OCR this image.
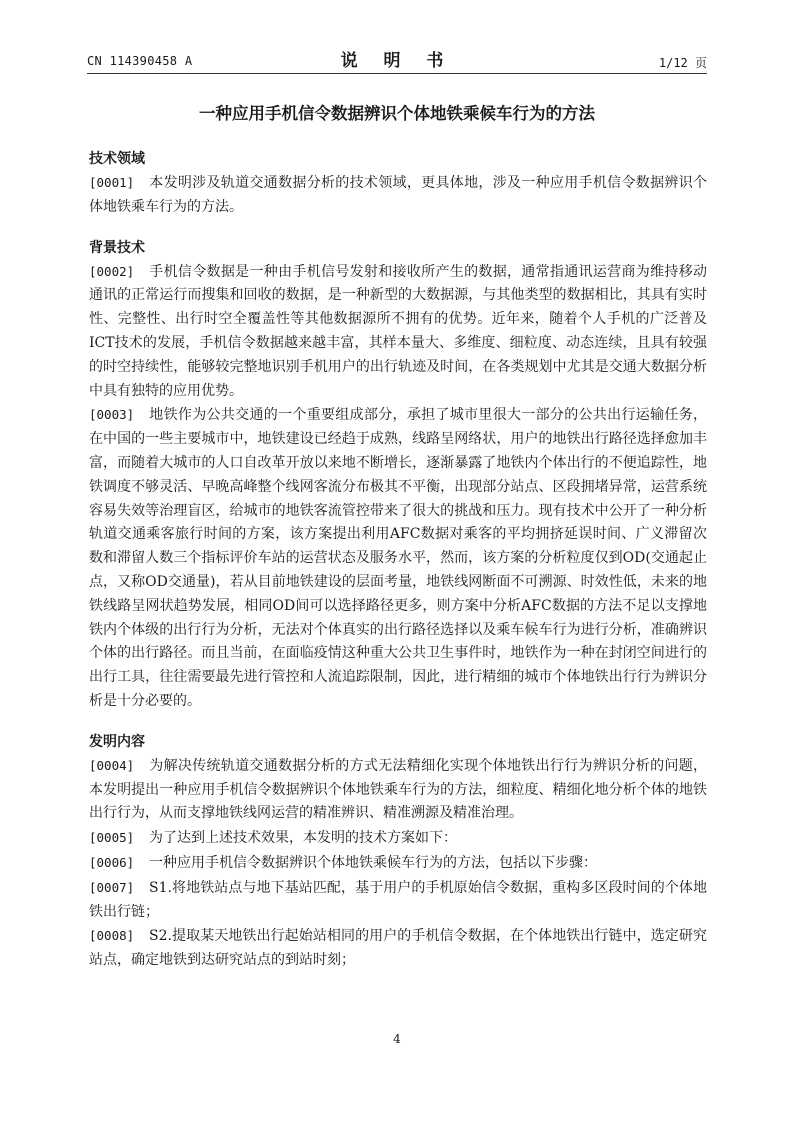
CN 114390458 A	说 明 书	1/12 页
一种应用手机信令数据辨识个体地铁乘候车行为的方法
技术领域

[0001] 本发明涉及轨道交通数据分析的技术领域，更具体地，涉及一种应用手机信令数据辨识个体地铁乘车行为的方法。

背景技术

[0002] 手机信令数据是一种由手机信号发射和接收所产生的数据，通常指通讯运营商为维持移动通讯的正常运行而搜集和回收的数据，是一种新型的大数据源，与其他类型的数据相比，其具有实时性、完整性、出行时空全覆盖性等其他数据源所不拥有的优势。近年来，随着个人手机的广泛普及ICT技术的发展，手机信令数据越来越丰富，其样本量大、多维度、细粒度、动态连续，且具有较强的时空持续性，能够较完整地识别手机用户的出行轨迹及时间，在各类规划中尤其是交通大数据分析中具有独特的应用优势。

[0003] 地铁作为公共交通的一个重要组成部分，承担了城市里很大一部分的公共出行运输任务，在中国的一些主要城市中，地铁建设已经趋于成熟，线路呈网络状，用户的地铁出行路径选择愈加丰富，而随着大城市的人口自改革开放以来地不断增长，逐渐暴露了地铁内个体出行的不便追踪性，地铁调度不够灵活、早晚高峰整个线网客流分布极其不平衡，出现部分站点、区段拥堵异常，运营系统容易失效等治理盲区，给城市的地铁客流管控带来了很大的挑战和压力。现有技术中公开了一种分析轨道交通乘客旅行时间的方案，该方案提出利用AFC数据对乘客的平均拥挤延误时间、广义滞留次数和滞留人数三个指标评价车站的运营状态及服务水平，然而，该方案的分析粒度仅到OD(交通起止点，又称OD交通量)，若从目前地铁建设的层面考量，地铁线网断面不可溯源、时效性低，未来的地铁线路呈网状趋势发展，相同OD间可以选择路径更多，则方案中分析AFC数据的方法不足以支撑地铁内个体级的出行行为分析，无法对个体真实的出行路径选择以及乘车候车行为进行分析，准确辨识个体的出行路径。而且当前，在面临疫情这种重大公共卫生事件时，地铁作为一种在封闭空间进行的出行工具，往往需要最先进行管控和人流追踪限制，因此，进行精细的城市个体地铁出行行为辨识分析是十分必要的。

发明内容

[0004] 为解决传统轨道交通数据分析的方式无法精细化实现个体地铁出行行为辨识分析的问题，本发明提出一种应用手机信令数据辨识个体地铁乘车行为的方法，细粒度、精细化地分析个体的地铁出行行为，从而支撑地铁线网运营的精准辨识、精准溯源及精准治理。

[0005] 为了达到上述技术效果，本发明的技术方案如下：

[0006] 一种应用手机信令数据辨识个体地铁乘候车行为的方法，包括以下步骤：

[0007] S1.将地铁站点与地下基站匹配，基于用户的手机原始信令数据，重构多区段时间的个体地铁出行链；

[0008] S2.提取某天地铁出行起始站相同的用户的手机信令数据，在个体地铁出行链中，选定研究站点，确定地铁到达研究站点的到站时刻；

4
